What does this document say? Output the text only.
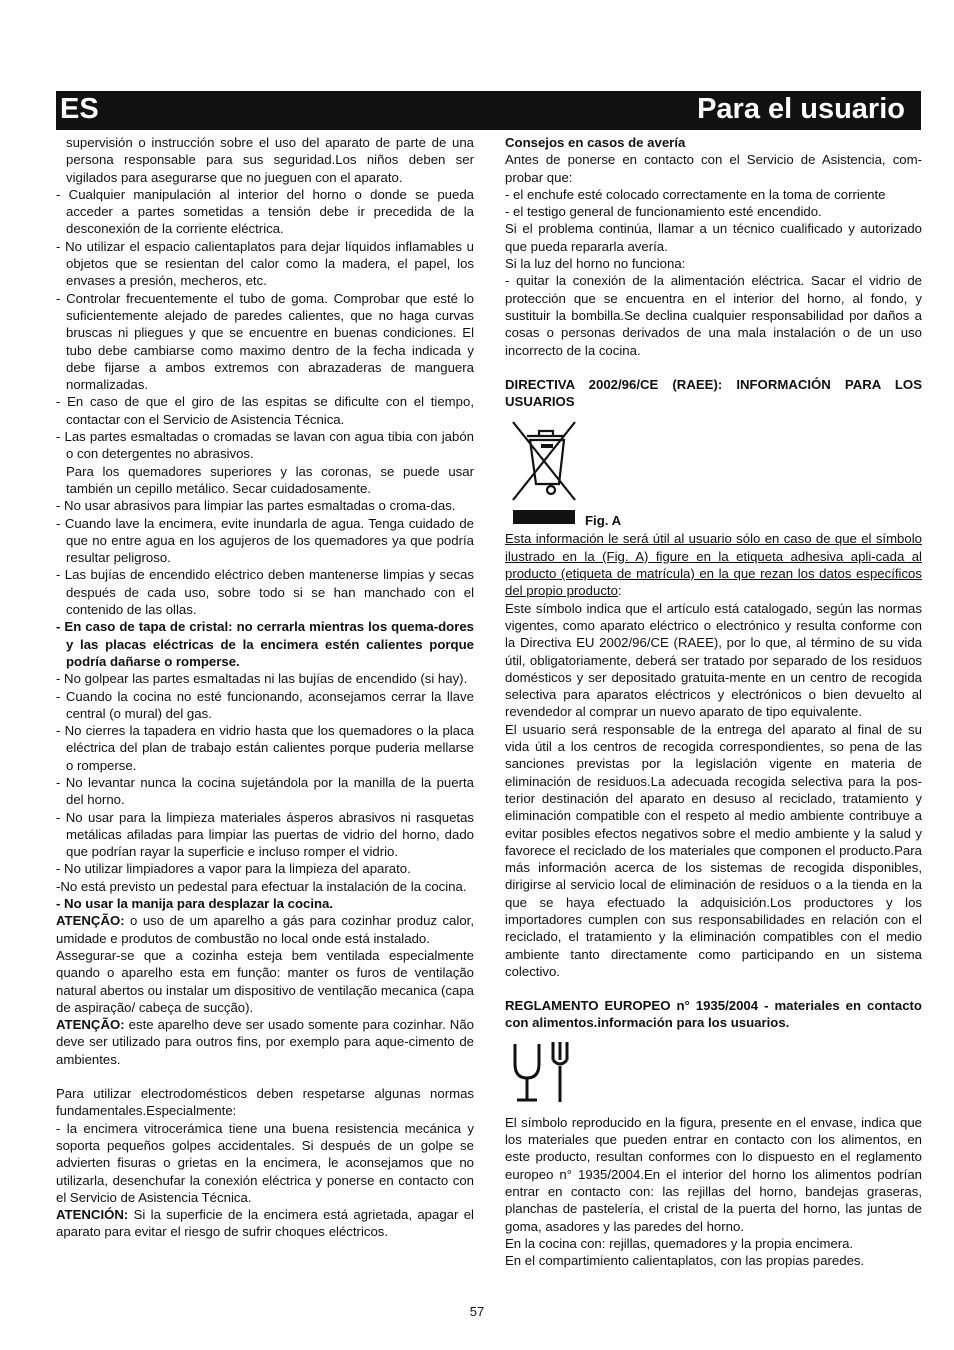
ES	Para el usuario

supervisión o instrucción sobre el uso del aparato de parte de una persona responsable para sus seguridad.Los niños deben ser vigilados para asegurarse que no jueguen con el aparato.

- Cualquier manipulación al interior del horno o donde se pueda acceder a partes sometidas a tensión debe ir precedida de la desconexión de la corriente eléctrica.

- No utilizar el espacio calientaplatos para dejar líquidos inflamables u objetos que se resientan del calor como la madera, el papel, los envases a presión, mecheros, etc.

- Controlar frecuentemente el tubo de goma. Comprobar que esté lo suficientemente alejado de paredes calientes, que no haga curvas bruscas ni pliegues y que se encuentre en buenas condiciones. El tubo debe cambiarse como maximo dentro de la fecha indicada y debe fijarse a ambos extremos con abrazaderas de manguera normalizadas.

- En caso de que el giro de las espitas se dificulte con el tiempo, contactar con el Servicio de Asistencia Técnica.

- Las partes esmaltadas o cromadas se lavan con agua tibia con jabón o con detergentes no abrasivos.

Para los quemadores superiores y las coronas, se puede usar también un cepillo metálico. Secar cuidadosamente.

- No usar abrasivos para limpiar las partes esmaltadas o croma-das.

- Cuando lave la encimera, evite inundarla de agua. Tenga cuidado de que no entre agua en los agujeros de los quemadores ya que podría resultar peligroso.

- Las bujías de encendido eléctrico deben mantenerse limpias y secas después de cada uso, sobre todo si se han manchado con el contenido de las ollas.

- En caso de tapa de cristal: no cerrarla mientras los quema-dores y las placas eléctricas de la encimera estén calientes porque podría dañarse o romperse.

- No golpear las partes esmaltadas ni las bujías de encendido (si hay).

- Cuando la cocina no esté funcionando, aconsejamos cerrar la llave central (o mural) del gas.

- No cierres la tapadera en vidrio hasta que los quemadores o la placa eléctrica del plan de trabajo están calientes porque puderia mellarse o romperse.

- No levantar nunca la cocina sujetándola por la manilla de la puerta del horno.

- No usar para la limpieza materiales ásperos abrasivos ni rasquetas metálicas afiladas para limpiar las puertas de vidrio del horno, dado que podrían rayar la superficie e incluso romper el vidrio.

- No utilizar limpiadores a vapor para la limpieza del aparato.

-No está previsto un pedestal para efectuar la instalación de la cocina.

- No usar la manija para desplazar la cocina.

ATENÇÃO: o uso de um aparelho a gás para cozinhar produz calor, umidade e produtos de combustão no local onde está instalado.

Assegurar-se que a cozinha esteja bem ventilada especialmente quando o aparelho esta em função: manter os furos de ventilação natural abertos ou instalar um dispositivo de ventilação mecanica (capa de aspiração/ cabeça de sucção).

ATENÇÃO: este aparelho deve ser usado somente para cozinhar. Não deve ser utilizado para outros fins, por exemplo para aque-cimento de ambientes.

Para utilizar electrodomésticos deben respetarse algunas normas fundamentales.Especialmente:

- la encimera vitrocerámica tiene una buena resistencia mecánica y soporta pequeños golpes accidentales. Si después de un golpe se advierten fisuras o grietas en la encimera, le aconsejamos que no utilizarla, desenchufar la conexión eléctrica y ponerse en contacto con el Servicio de Asistencia Técnica.

ATENCIÓN: Si la superficie de la encimera está agrietada, apagar el aparato para evitar el riesgo de sufrir choques eléctricos.

Consejos en casos de avería

Antes de ponerse en contacto con el Servicio de Asistencia, com-probar que:

- el enchufe esté colocado correctamente en la toma de corriente

- el testigo general de funcionamiento esté encendido.

Si el problema continúa, llamar a un técnico cualificado y autorizado que pueda repararla avería.

Si la luz del horno no funciona:

- quitar la conexión de la alimentación eléctrica. Sacar el vidrio de protección que se encuentra en el interior del horno, al fondo, y sustituir la bombilla.Se declina cualquier responsabilidad por daños a cosas o personas derivados de una mala instalación o de un uso incorrecto de la cocina.

DIRECTIVA 2002/96/CE (RAEE): INFORMACIÓN PARA LOS USUARIOS

Fig. A

Esta información le será útil al usuario sólo en caso de que el símbolo ilustrado en la (Fig. A) figure en la etiqueta adhesiva apli-cada al producto (etiqueta de matrícula) en la que rezan los datos específicos del propio producto:

Este símbolo indica que el artículo está catalogado, según las normas vigentes, como aparato eléctrico o electrónico y resulta conforme con la Directiva EU 2002/96/CE (RAEE), por lo que, al término de su vida útil, obligatoriamente, deberá ser tratado por separado de los residuos domésticos y ser depositado gratuita-mente en un centro de recogida selectiva para aparatos eléctricos y electrónicos o bien devuelto al revendedor al comprar un nuevo aparato de tipo equivalente.

El usuario será responsable de la entrega del aparato al final de su vida útil a los centros de recogida correspondientes, so pena de las sanciones previstas por la legislación vigente en materia de eliminación de residuos.La adecuada recogida selectiva para la pos-terior destinación del aparato en desuso al reciclado, tratamiento y eliminación compatible con el respeto al medio ambiente contribuye a evitar posibles efectos negativos sobre el medio ambiente y la salud y favorece el reciclado de los materiales que componen el producto.Para más información acerca de los sistemas de recogida disponibles, dirigirse al servicio local de eliminación de residuos o a la tienda en la que se haya efectuado la adquisición.Los productores y los importadores cumplen con sus responsabilidades en relación con el reciclado, el tratamiento y la eliminación compatibles con el medio ambiente tanto directamente como participando en un sistema colectivo.

REGLAMENTO EUROPEO n° 1935/2004 - materiales en contacto con alimentos.información para los usuarios.

El símbolo reproducido en la figura, presente en el envase, indica que los materiales que pueden entrar en contacto con los alimentos, en este producto, resultan conformes con lo dispuesto en el reglamento europeo n° 1935/2004.En el interior del horno los alimentos podrían entrar en contacto con: las rejillas del horno, bandejas graseras, planchas de pastelería, el cristal de la puerta del horno, las juntas de goma, asadores y las paredes del horno.

En la cocina con: rejillas, quemadores y la propia encimera.

En el compartimiento calientaplatos, con las propias paredes.

57
